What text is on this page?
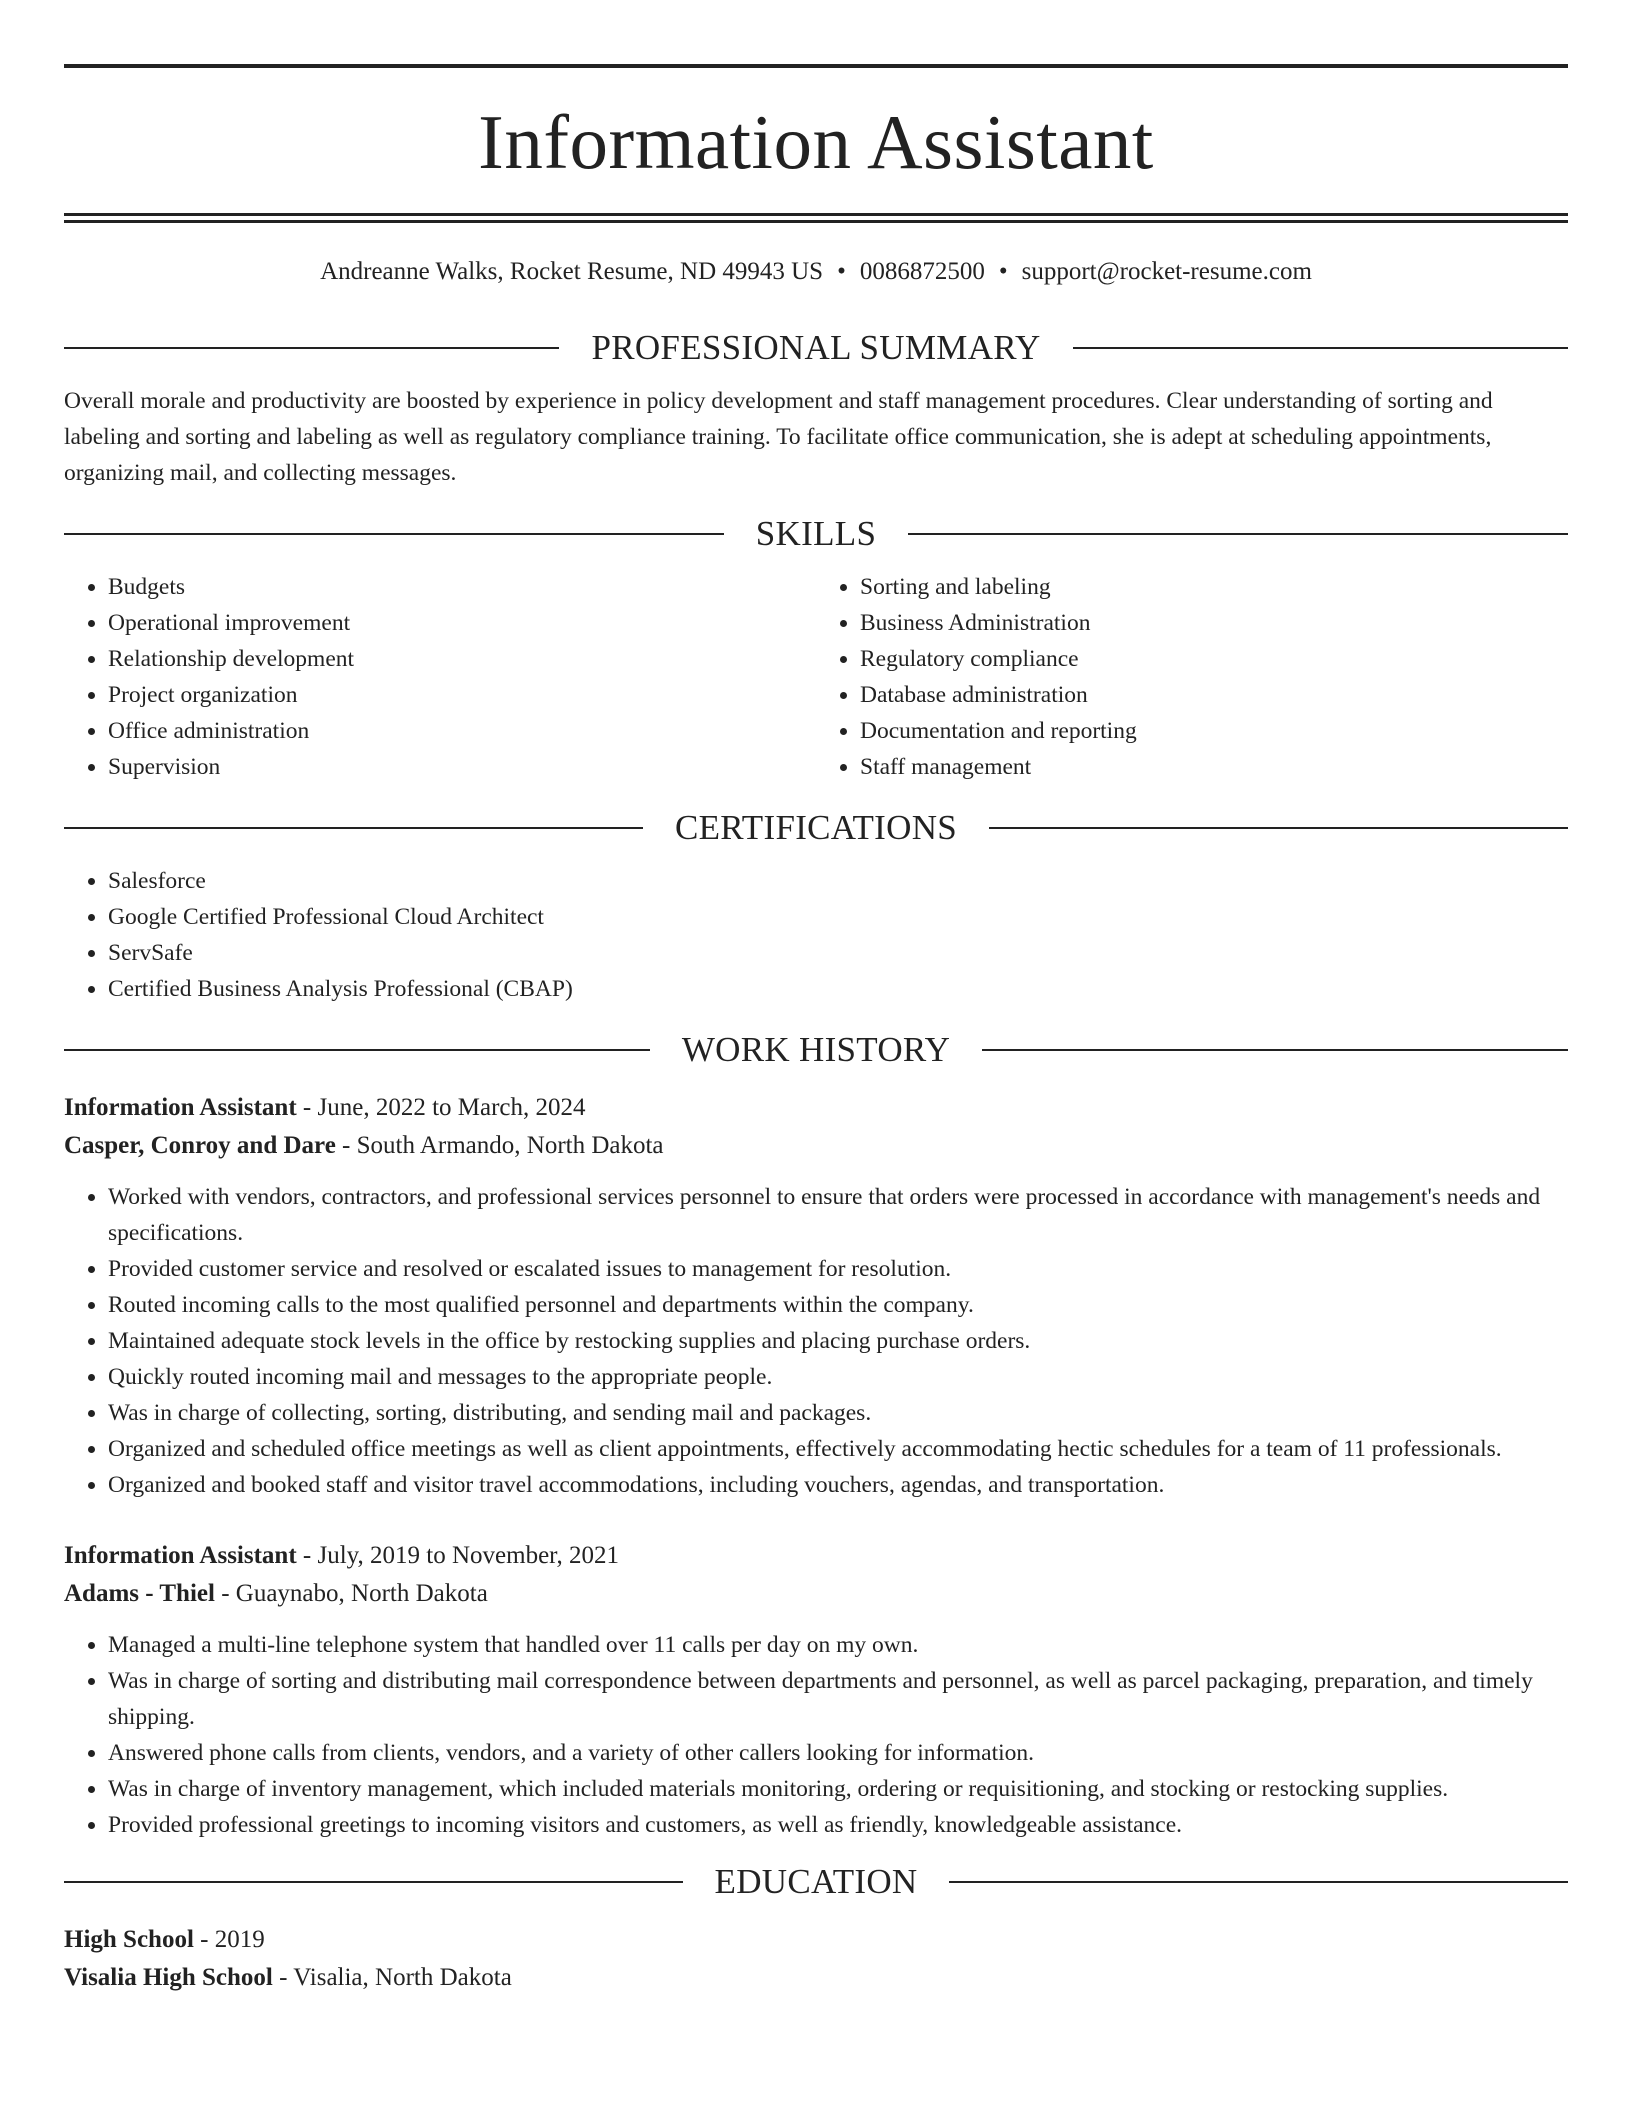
Information Assistant
Andreanne Walks, Rocket Resume, ND 49943 US • 0086872500 • support@rocket-resume.com
PROFESSIONAL SUMMARY

Overall morale and productivity are boosted by experience in policy development and staff management procedures. Clear understanding of sorting and labeling and sorting and labeling as well as regulatory compliance training. To facilitate office communication, she is adept at scheduling appointments, organizing mail, and collecting messages.

SKILLS
• Budgets
• Operational improvement
• Relationship development
• Project organization
• Office administration
• Supervision
• Sorting and labeling
• Business Administration
• Regulatory compliance
• Database administration
• Documentation and reporting
• Staff management
CERTIFICATIONS
• Salesforce
• Google Certified Professional Cloud Architect
• ServSafe
• Certified Business Analysis Professional (CBAP)
WORK HISTORY
Information Assistant - June, 2022 to March, 2024
Casper, Conroy and Dare - South Armando, North Dakota
• Worked with vendors, contractors, and professional services personnel to ensure that orders were processed in accordance with management's needs and specifications.
• Provided customer service and resolved or escalated issues to management for resolution.
• Routed incoming calls to the most qualified personnel and departments within the company.
• Maintained adequate stock levels in the office by restocking supplies and placing purchase orders.
• Quickly routed incoming mail and messages to the appropriate people.
• Was in charge of collecting, sorting, distributing, and sending mail and packages.
• Organized and scheduled office meetings as well as client appointments, effectively accommodating hectic schedules for a team of 11 professionals.
• Organized and booked staff and visitor travel accommodations, including vouchers, agendas, and transportation.
Information Assistant - July, 2019 to November, 2021
Adams - Thiel - Guaynabo, North Dakota
• Managed a multi-line telephone system that handled over 11 calls per day on my own.
• Was in charge of sorting and distributing mail correspondence between departments and personnel, as well as parcel packaging, preparation, and timely shipping.
• Answered phone calls from clients, vendors, and a variety of other callers looking for information.
• Was in charge of inventory management, which included materials monitoring, ordering or requisitioning, and stocking or restocking supplies.
• Provided professional greetings to incoming visitors and customers, as well as friendly, knowledgeable assistance.
EDUCATION
High School - 2019
Visalia High School - Visalia, North Dakota
